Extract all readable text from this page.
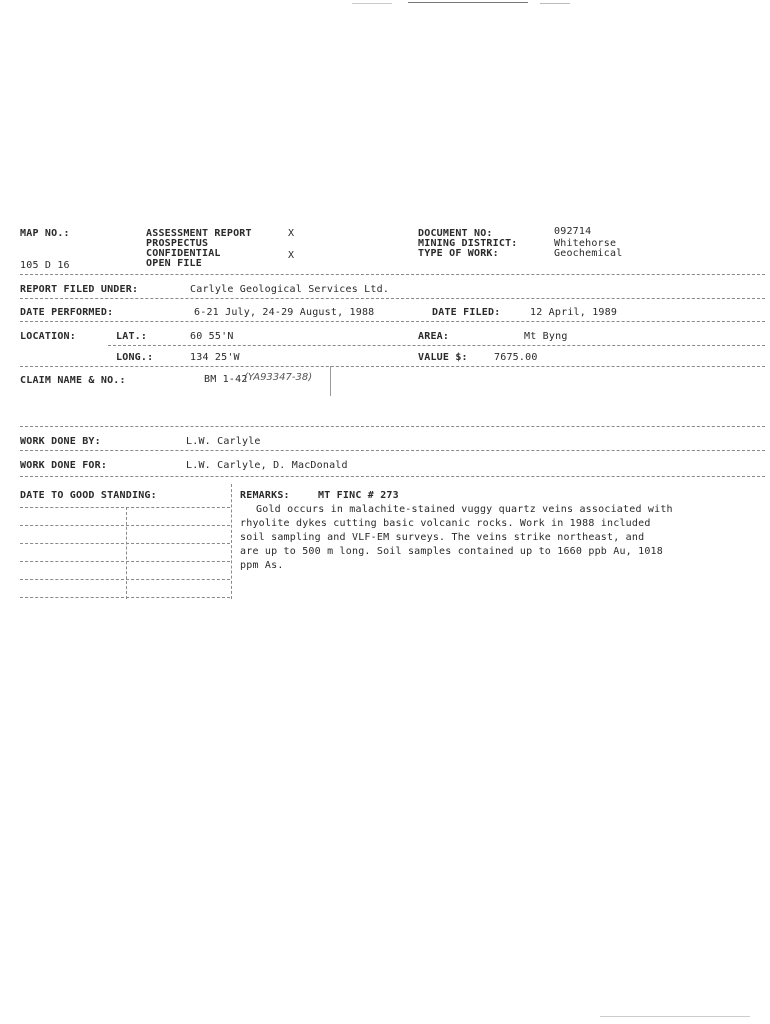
MAP NO.:
105 D 16
ASSESSMENT REPORT	X
PROSPECTUS
CONFIDENTIAL	X
OPEN FILE
DOCUMENT NO:	092714
MINING DISTRICT:	Whitehorse
TYPE OF WORK:	Geochemical
REPORT FILED UNDER:	Carlyle Geological Services Ltd.
DATE PERFORMED:	6-21 July, 24-29 August, 1988	DATE FILED:	12 April, 1989
LOCATION:	LAT.:	60 55'N	AREA:	Mt Byng
LONG.:	134 25'W	VALUE $:	7675.00
CLAIM NAME & NO.:	BM 1-42
(YA93347-38)
WORK DONE BY:	L.W. Carlyle
WORK DONE FOR:	L.W. Carlyle, D. MacDonald
DATE TO GOOD STANDING:	REMARKS:	MT FINC # 273
Gold occurs in malachite-stained vuggy quartz veins associated with
rhyolite dykes cutting basic volcanic rocks. Work in 1988 included
soil sampling and VLF-EM surveys. The veins strike northeast, and
are up to 500 m long. Soil samples contained up to 1660 ppb Au, 1018
ppm As.
